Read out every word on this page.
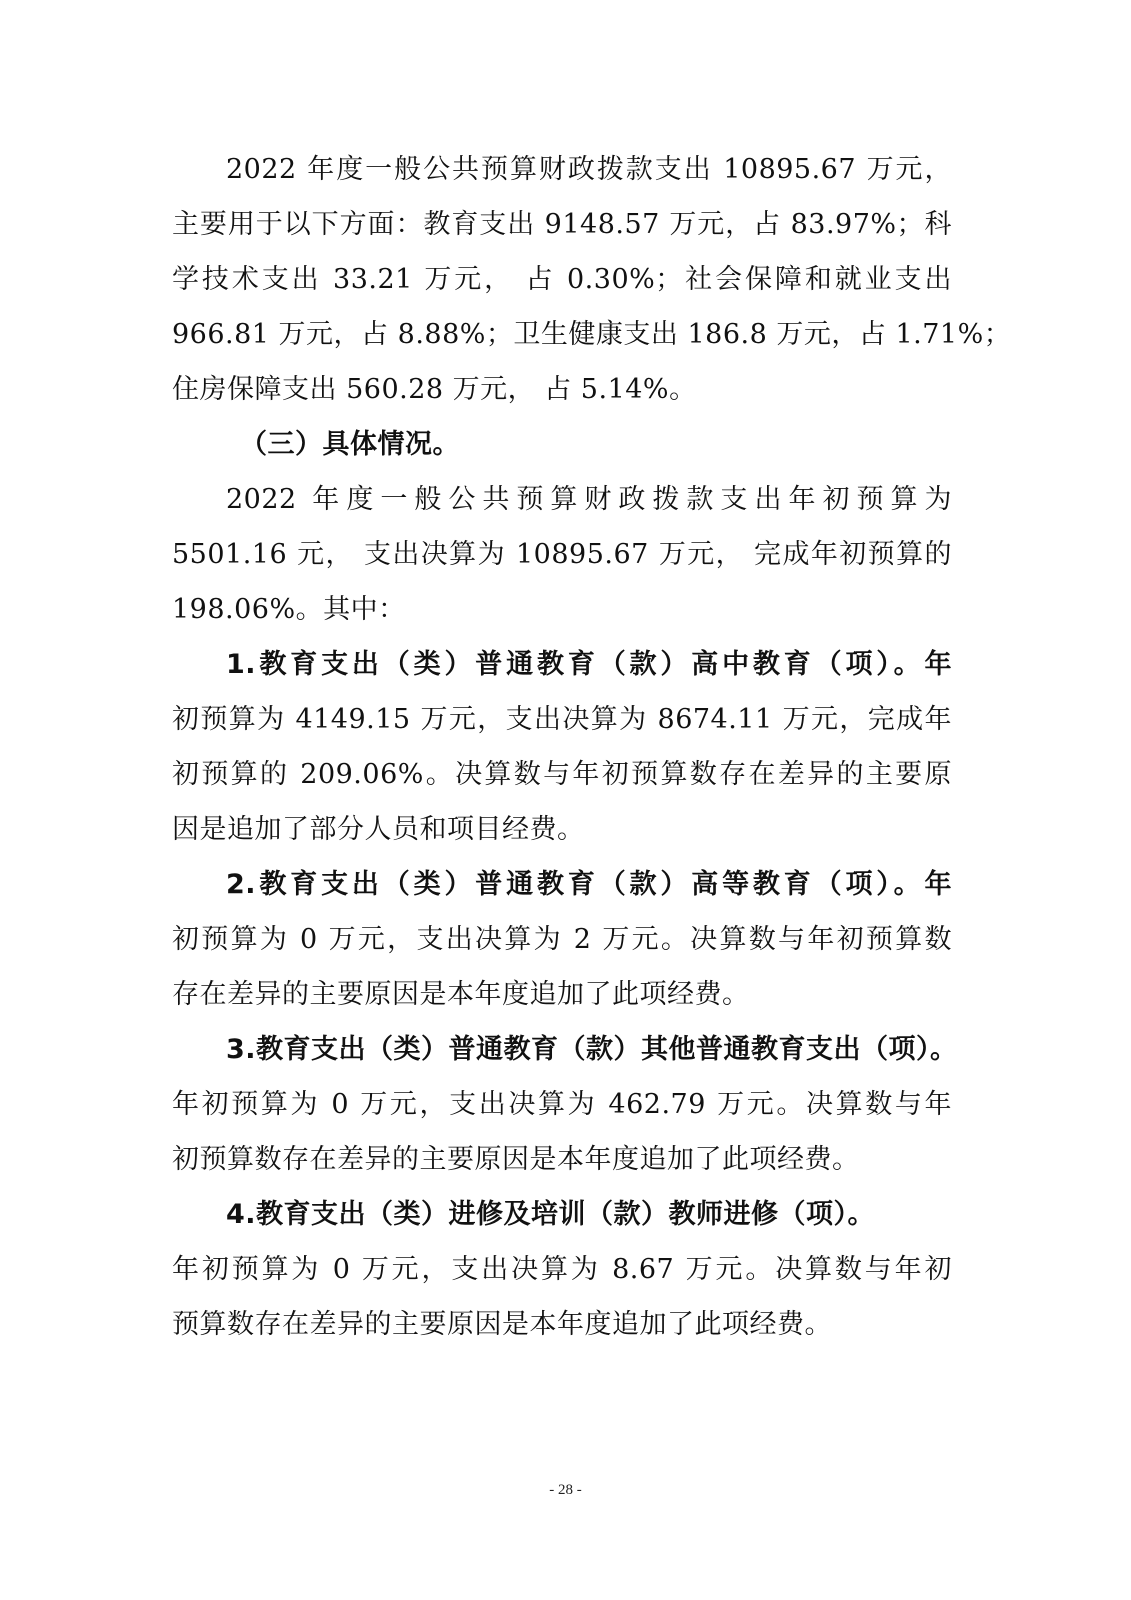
2022 年度一般公共预算财政拨款支出 10895.67 万元，
主要用于以下方面：教育支出 9148.57 万元，占 83.97%；科
学技术支出 33.21 万元， 占 0.30%；社会保障和就业支出
966.81 万元，占 8.88%；卫生健康支出 186.8 万元，占 1.71%；
住房保障支出 560.28 万元， 占 5.14%。
（三）具体情况。
2022 年度一般公共预算财政拨款支出年初预算为
5501.16 元， 支出决算为 10895.67 万元， 完成年初预算的
198.06%。其中：
1.教育支出（类）普通教育（款）高中教育（项）。年
初预算为 4149.15 万元，支出决算为 8674.11 万元，完成年
初预算的 209.06%。决算数与年初预算数存在差异的主要原
因是追加了部分人员和项目经费。
2.教育支出（类）普通教育（款）高等教育（项）。年
初预算为 0 万元，支出决算为 2 万元。决算数与年初预算数
存在差异的主要原因是本年度追加了此项经费。
3.教育支出（类）普通教育（款）其他普通教育支出（项）。
年初预算为 0 万元，支出决算为 462.79 万元。决算数与年
初预算数存在差异的主要原因是本年度追加了此项经费。
4.教育支出（类）进修及培训（款）教师进修（项）。
年初预算为 0 万元，支出决算为 8.67 万元。决算数与年初
预算数存在差异的主要原因是本年度追加了此项经费。
- 28 -
